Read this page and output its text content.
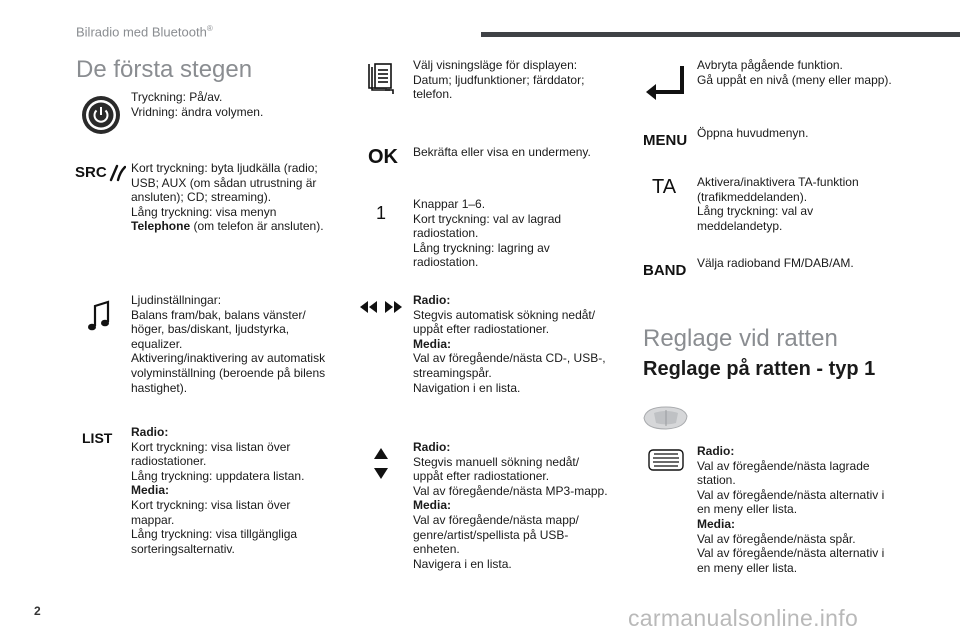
Bilradio med Bluetooth®
De första stegen
Tryckning: På/av.
Vridning: ändra volymen.
SRC Kort tryckning: byta ljudkälla (radio;
USB; AUX (om sådan utrustning är
ansluten); CD; streaming).
Lång tryckning: visa menyn
Telephone (om telefon är ansluten).
Ljudinställningar:
Balans fram/bak, balans vänster/
höger, bas/diskant, ljudstyrka,
equalizer.
Aktivering/inaktivering av automatisk
volyminställning (beroende på bilens
hastighet).
LIST Radio:
Kort tryckning: visa listan över
radiostationer.
Lång tryckning: uppdatera listan.
Media:
Kort tryckning: visa listan över
mappar.
Lång tryckning: visa tillgängliga
sorteringsalternativ.
Välj visningsläge för displayen:
Datum; ljudfunktioner; färddator;
telefon.
OK Bekräfta eller visa en undermeny.
1 Knappar 1–6.
Kort tryckning: val av lagrad
radiostation.
Lång tryckning: lagring av
radiostation.
Radio:
Stegvis automatisk sökning nedåt/
uppåt efter radiostationer.
Media:
Val av föregående/nästa CD-, USB-,
streamingspår.
Navigation i en lista.
Radio:
Stegvis manuell sökning nedåt/
uppåt efter radiostationer.
Val av föregående/nästa MP3-mapp.
Media:
Val av föregående/nästa mapp/
genre/artist/spellista på USB-
enheten.
Navigera i en lista.
Avbryta pågående funktion.
Gå uppåt en nivå (meny eller mapp).
MENU Öppna huvudmenyn.
TA Aktivera/inaktivera TA-funktion
(trafikmeddelanden).
Lång tryckning: val av
meddelandetyp.
BAND Välja radioband FM/DAB/AM.
Reglage vid ratten
Reglage på ratten - typ 1
Radio:
Val av föregående/nästa lagrade
station.
Val av föregående/nästa alternativ i
en meny eller lista.
Media:
Val av föregående/nästa spår.
Val av föregående/nästa alternativ i
en meny eller lista.
2	carmanualsonline.info
